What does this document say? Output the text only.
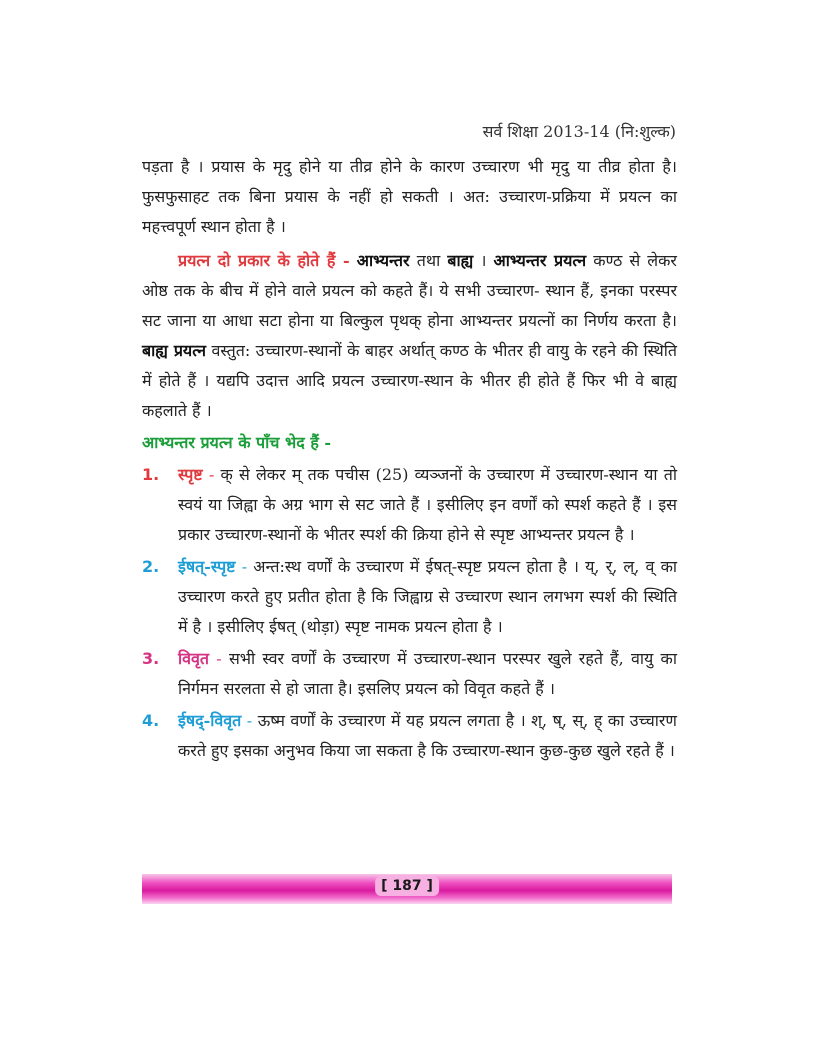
सर्व शिक्षा 2013-14 (नि:शुल्क)

पड़ता है । प्रयास के मृदु होने या तीव्र होने के कारण उच्चारण भी मृदु या तीव्र होता है। फुसफुसाहट तक बिना प्रयास के नहीं हो सकती । अत: उच्चारण-प्रक्रिया में प्रयत्न का महत्त्वपूर्ण स्थान होता है ।

प्रयत्न दो प्रकार के होते हैं - आभ्यन्तर तथा बाह्य । आभ्यन्तर प्रयत्न कण्ठ से लेकर ओष्ठ तक के बीच में होने वाले प्रयत्न को कहते हैं। ये सभी उच्चारण- स्थान हैं, इनका परस्पर सट जाना या आधा सटा होना या बिल्कुल पृथक् होना आभ्यन्तर प्रयत्नों का निर्णय करता है। बाह्य प्रयत्न वस्तुत: उच्चारण-स्थानों के बाहर अर्थात् कण्ठ के भीतर ही वायु के रहने की स्थिति में होते हैं । यद्यपि उदात्त आदि प्रयत्न उच्चारण-स्थान के भीतर ही होते हैं फिर भी वे बाह्य कहलाते हैं ।

आभ्यन्तर प्रयत्न के पाँच भेद हैं -

1.	स्पृष्ट - क् से लेकर म् तक पचीस (25) व्यञ्जनों के उच्चारण में उच्चारण-स्थान या तो स्वयं या जिह्वा के अग्र भाग से सट जाते हैं । इसीलिए इन वर्णों को स्पर्श कहते हैं । इस प्रकार उच्चारण-स्थानों के भीतर स्पर्श की क्रिया होने से स्पृष्ट आभ्यन्तर प्रयत्न है ।
2.	ईषत्-स्पृष्ट - अन्त:स्थ वर्णों के उच्चारण में ईषत्-स्पृष्ट प्रयत्न होता है । य्, र्, ल्, व् का उच्चारण करते हुए प्रतीत होता है कि जिह्वाग्र से उच्चारण स्थान लगभग स्पर्श की स्थिति में है । इसीलिए ईषत् (थोड़ा) स्पृष्ट नामक प्रयत्न होता है ।
3.	विवृत - सभी स्वर वर्णों के उच्चारण में उच्चारण-स्थान परस्पर खुले रहते हैं, वायु का निर्गमन सरलता से हो जाता है। इसलिए प्रयत्न को विवृत कहते हैं ।
4.	ईषद्-विवृत - ऊष्म वर्णों के उच्चारण में यह प्रयत्न लगता है । श्, ष्, स्, ह् का उच्चारण करते हुए इसका अनुभव किया जा सकता है कि उच्चारण-स्थान कुछ-कुछ खुले रहते हैं ।
[ 187 ]
